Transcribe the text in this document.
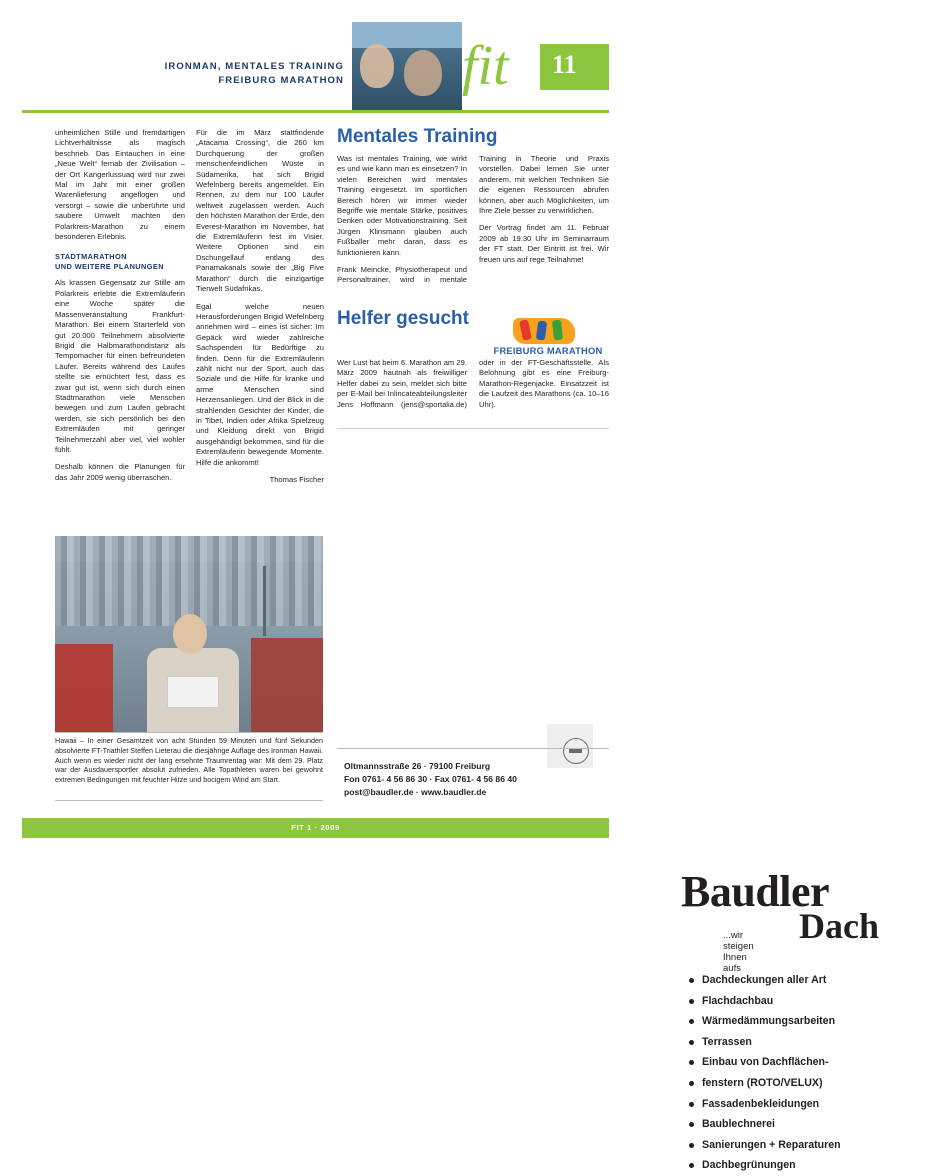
IRONMAN, MENTALES TRAINING
FREIBURG MARATHON fit 11

unheimlichen Stille und fremdartigen Lichtverhältnisse als magisch beschrieb. Das Eintauchen in eine „Neue Welt“ fernab der Zivilisation – der Ort Kangerlussuaq wird nur zwei Mal im Jahr mit einer großen Warenlieferung angeflogen und versorgt – sowie die unberührte und saubere Umwelt machten den Polarkreis-Marathon zu einem besonderen Erlebnis.

STADTMARATHON
UND WEITERE PLANUNGEN

Als krassen Gegensatz zur Stille am Polarkreis erlebte die Extremläuferin eine Woche später die Massenveranstaltung Frankfurt-Marathon. Bei einem Starterfeld von gut 20.000 Teilnehmern absolvierte Brigid die Halbmarathondistanz als Tempomacher für einen befreundeten Läufer. Bereits während des Laufes stellte sie ernüchtert fest, dass es zwar gut ist, wenn sich durch einen Stadtmarathon viele Menschen bewegen und zum Laufen gebracht werden, sie sich persönlich bei den Extremläufen mit geringer Teilnehmerzahl aber viel, viel wohler fühlt.

Deshalb können die Planungen für das Jahr 2009 wenig überraschen.

Für die im März stattfindende „Atacama Crossing“, die 260 km Durchquerung der großen menschenfeindlichen Wüste in Südamerika, hat sich Brigid Wefelnberg bereits angemeldet. Ein Rennen, zu dem nur 100 Läufer weltweit zugelassen werden. Auch den höchsten Marathon der Erde, den Everest-Marathon im November, hat die Extremläuferin fest im Visier. Weitere Optionen sind ein Dschungellauf entlang des Panamakanals sowie der „Big Five Marathon“ durch die einzigartige Tierwelt Südafrikas.

Egal welche neuen Herausforderungen Brigid Wefelnberg annehmen wird – eines ist sicher: Im Gepäck wird wieder zahlreiche Sachspenden für Bedürftige zu finden. Denn für die Extremläuferin zählt nicht nur der Sport, auch das Soziale und die Hilfe für kranke und arme Menschen sind Herzensanliegen. Und der Blick in die strahlenden Gesichter der Kinder, die in Tibet, Indien oder Afrika Spielzeug und Kleidung direkt von Brigid ausgehändigt bekommen, sind für die Extremläuferin bewegende Momente. Hilfe die ankommt!

Thomas Fischer

Mentales Training

Was ist mentales Training, wie wirkt es und wie kann man es einsetzen? In vielen Bereichen wird mentales Training eingesetzt. Im sportlichen Bereich hören wir immer wieder Begriffe wie mentale Stärke, positives Denken oder Motivationstraining. Seit Jürgen Klinsmann glauben auch Fußballer mehr daran, dass es funktionieren kann.

Frank Meincke, Physiotherapeut und Personaltrainer, wird in mentale Training in Theorie und Praxis vorstellen. Dabei lernen Sie unter anderem, mit welchen Techniken Sie die eigenen Ressourcen abrufen können, aber auch Möglichkeiten, um Ihre Ziele besser zu verwirklichen.

Der Vortrag findet am 11. Februar 2009 ab 19.30 Uhr im Seminarraum der FT statt. Der Eintritt ist frei. Wir freuen uns auf rege Teilnahme!

Helfer gesucht
FREIBURG MARATHON

Wer Lust hat beim 6. Marathon am 29. März 2009 hautnah als freiwilliger Helfer dabei zu sein, meldet sich bitte per E-Mail bei Inlincateabteilungsleiter Jens Hoffmann (jens@sportalia.de) oder in der FT-Geschäftsstelle. Als Belohnung gibt es eine Freiburg-Marathon-Regenjacke. Einsatzzeit ist die Laufzeit des Marathons (ca. 10–16 Uhr).

Baudler
Dach
...wir steigen Ihnen aufs
Dachdeckungen aller Art
Flachdachbau
Wärmedämmungsarbeiten
Terrassen
Einbau von Dachflächen-
fenstern (ROTO/VELUX)
Fassadenbekleidungen
Baublechnerei
Sanierungen + Reparaturen
Dachbegrünungen
Oltmannsstraße 26 · 79100 Freiburg
Fon 0761- 4 56 86 30 · Fax 0761- 4 56 86 40
post@baudler.de · www.baudler.de
Hawaii – In einer Gesamtzeit von acht Stunden 59 Minuten und fünf Sekunden absolvierte FT-Triathlet Steffen Lieterau die diesjährige Auflage des Ironman Hawaii. Auch wenn es wieder nicht der lang ersehnte Traumrentag war: Mit dem 29. Platz war der Ausdauersportler absolut zufrieden. Alle Topathleten waren bei gewohnt extremen Bedingungen mit feuchter Hitze und bocigem Wind am Start.
FIT 1 · 2009
